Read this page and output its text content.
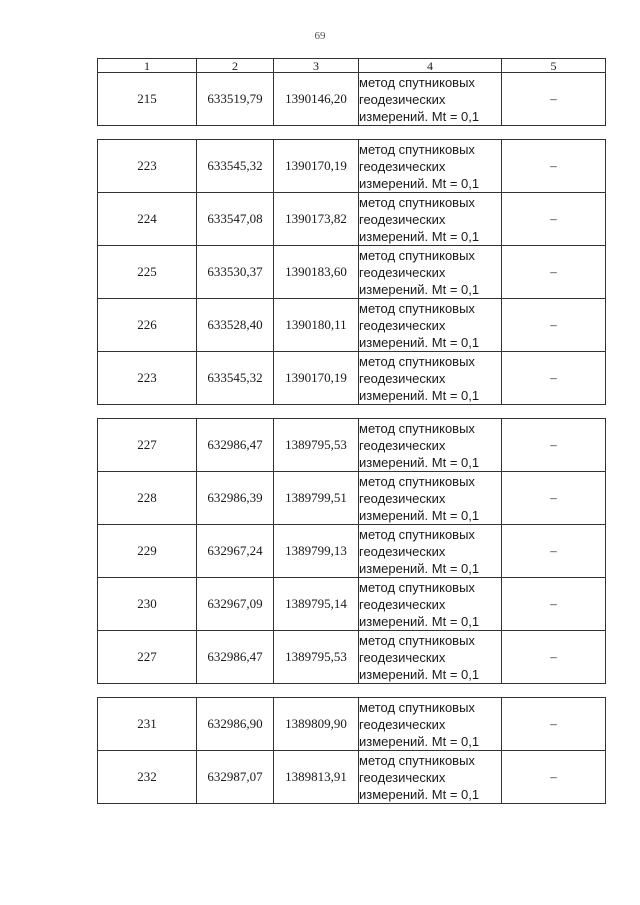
69
1	2	3	4	5
215	633519,79	1390146,20	метод спутниковых
геодезических
измерений. Mt = 0,1	–

223	633545,32	1390170,19	метод спутниковых
геодезических
измерений. Mt = 0,1	–
224	633547,08	1390173,82	метод спутниковых
геодезических
измерений. Mt = 0,1	–
225	633530,37	1390183,60	метод спутниковых
геодезических
измерений. Mt = 0,1	–
226	633528,40	1390180,11	метод спутниковых
геодезических
измерений. Mt = 0,1	–
223	633545,32	1390170,19	метод спутниковых
геодезических
измерений. Mt = 0,1	–

227	632986,47	1389795,53	метод спутниковых
геодезических
измерений. Mt = 0,1	–
228	632986,39	1389799,51	метод спутниковых
геодезических
измерений. Mt = 0,1	–
229	632967,24	1389799,13	метод спутниковых
геодезических
измерений. Mt = 0,1	–
230	632967,09	1389795,14	метод спутниковых
геодезических
измерений. Mt = 0,1	–
227	632986,47	1389795,53	метод спутниковых
геодезических
измерений. Mt = 0,1	–

231	632986,90	1389809,90	метод спутниковых
геодезических
измерений. Mt = 0,1	–
232	632987,07	1389813,91	метод спутниковых
геодезических
измерений. Mt = 0,1	–
